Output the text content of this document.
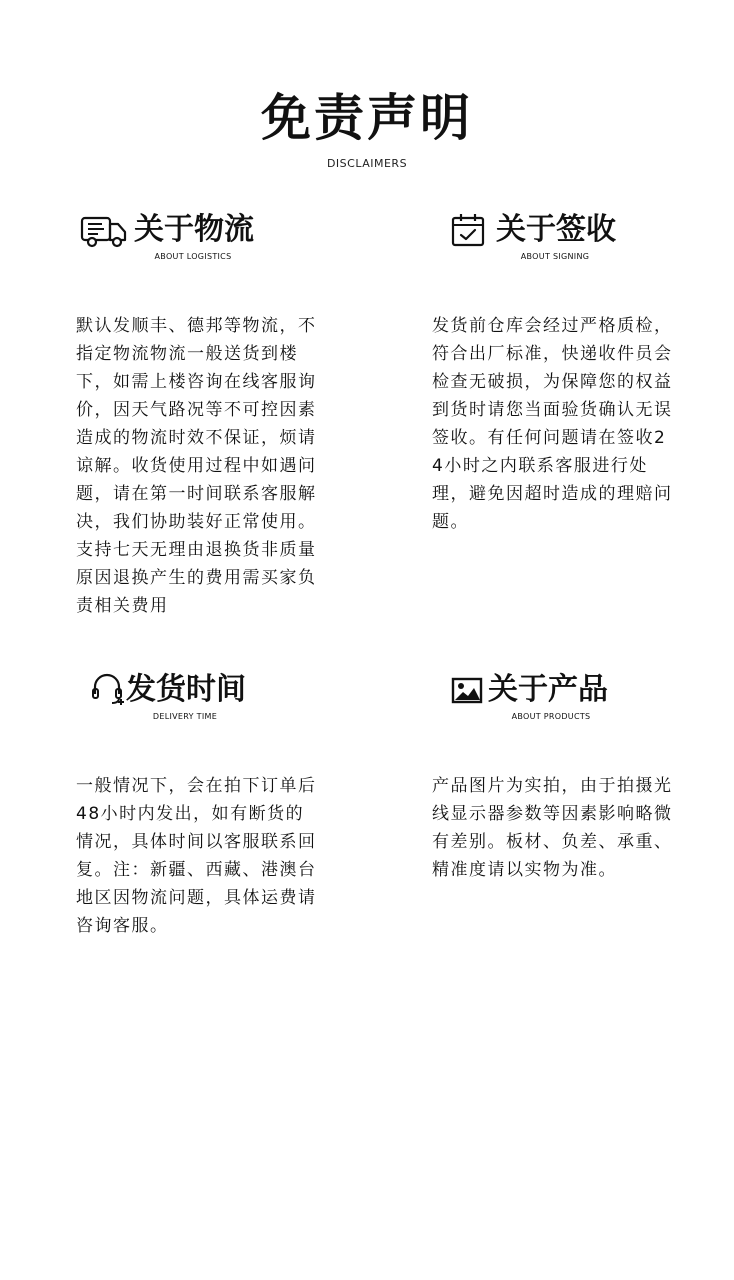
免责声明
DISCLAIMERS
关于物流
ABOUT LOGISTICS
默认发顺丰、德邦等物流，不指定物流物流一般送货到楼下，如需上楼咨询在线客服询价，因天气路况等不可控因素造成的物流时效不保证，烦请谅解。收货使用过程中如遇问题，请在第一时间联系客服解决，我们协助装好正常使用。支持七天无理由退换货非质量原因退换产生的费用需买家负责相关费用
关于签收
ABOUT SIGNING
发货前仓库会经过严格质检，符合出厂标准，快递收件员会检查无破损，为保障您的权益到货时请您当面验货确认无误签收。有任何问题请在签收24小时之内联系客服进行处理，避免因超时造成的理赔问题。
发货时间
DELIVERY TIME
一般情况下，会在拍下订单后48小时内发出，如有断货的情况，具体时间以客服联系回复。注：新疆、西藏、港澳台地区因物流问题，具体运费请咨询客服。
关于产品
ABOUT PRODUCTS
产品图片为实拍，由于拍摄光线显示器参数等因素影响略微有差别。板材、负差、承重、精准度请以实物为准。
